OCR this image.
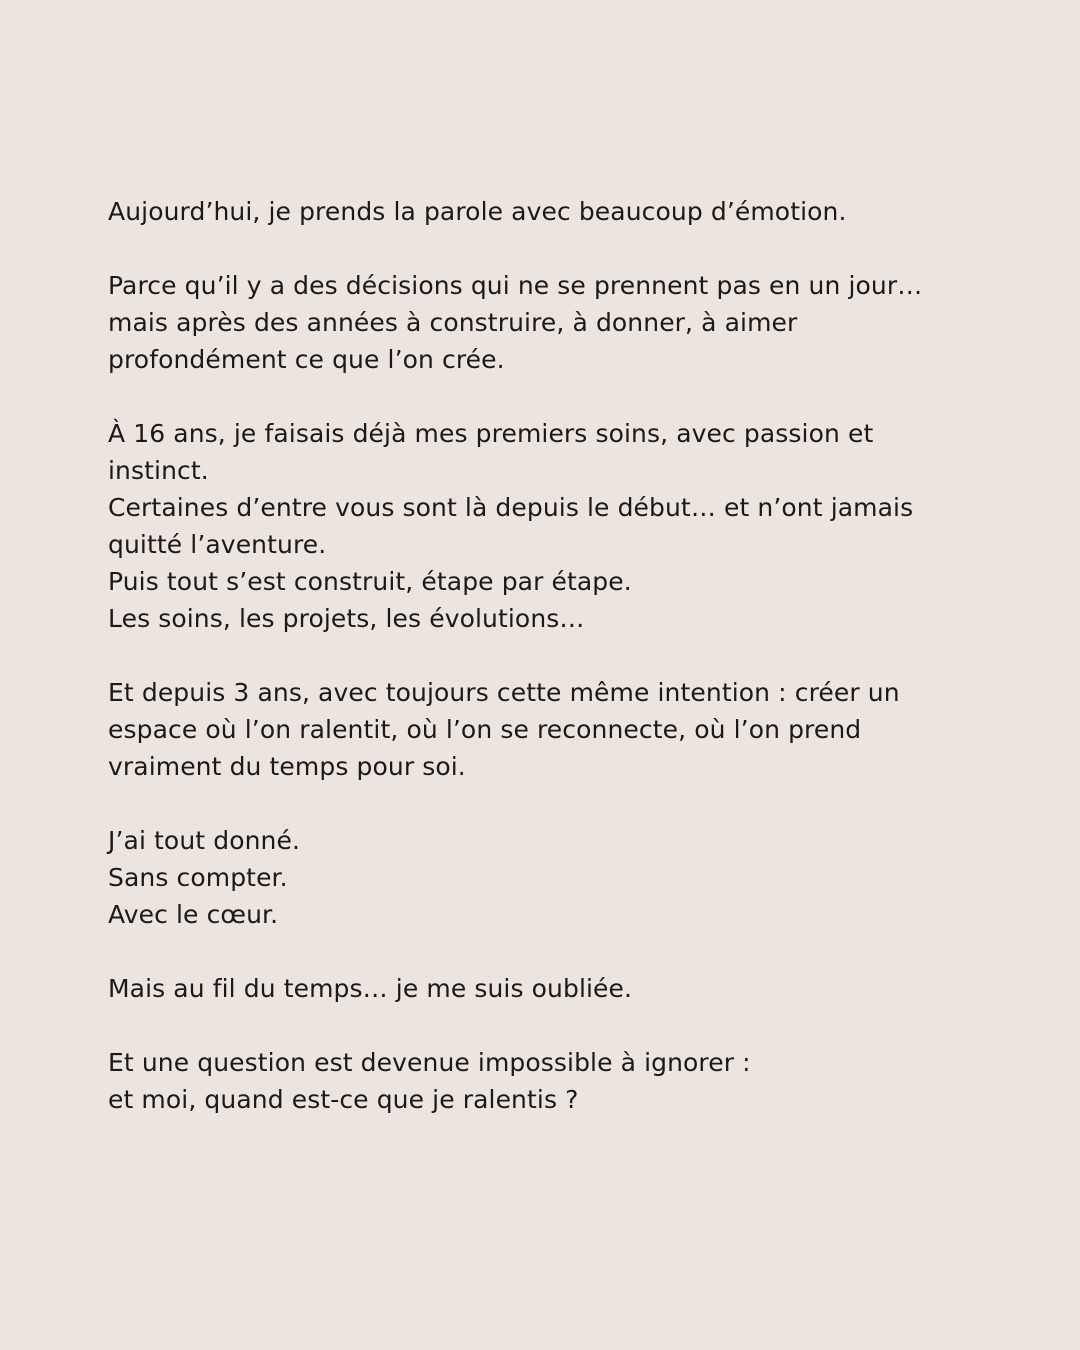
Aujourd’hui, je prends la parole avec beaucoup d’émotion.

Parce qu’il y a des décisions qui ne se prennent pas en un jour…
mais après des années à construire, à donner, à aimer
profondément ce que l’on crée.

À 16 ans, je faisais déjà mes premiers soins, avec passion et
instinct.
Certaines d’entre vous sont là depuis le début… et n’ont jamais
quitté l’aventure.
Puis tout s’est construit, étape par étape.
Les soins, les projets, les évolutions…

Et depuis 3 ans, avec toujours cette même intention : créer un
espace où l’on ralentit, où l’on se reconnecte, où l’on prend
vraiment du temps pour soi.

J’ai tout donné.
Sans compter.
Avec le cœur.

Mais au fil du temps… je me suis oubliée.

Et une question est devenue impossible à ignorer :
et moi, quand est-ce que je ralentis ?
